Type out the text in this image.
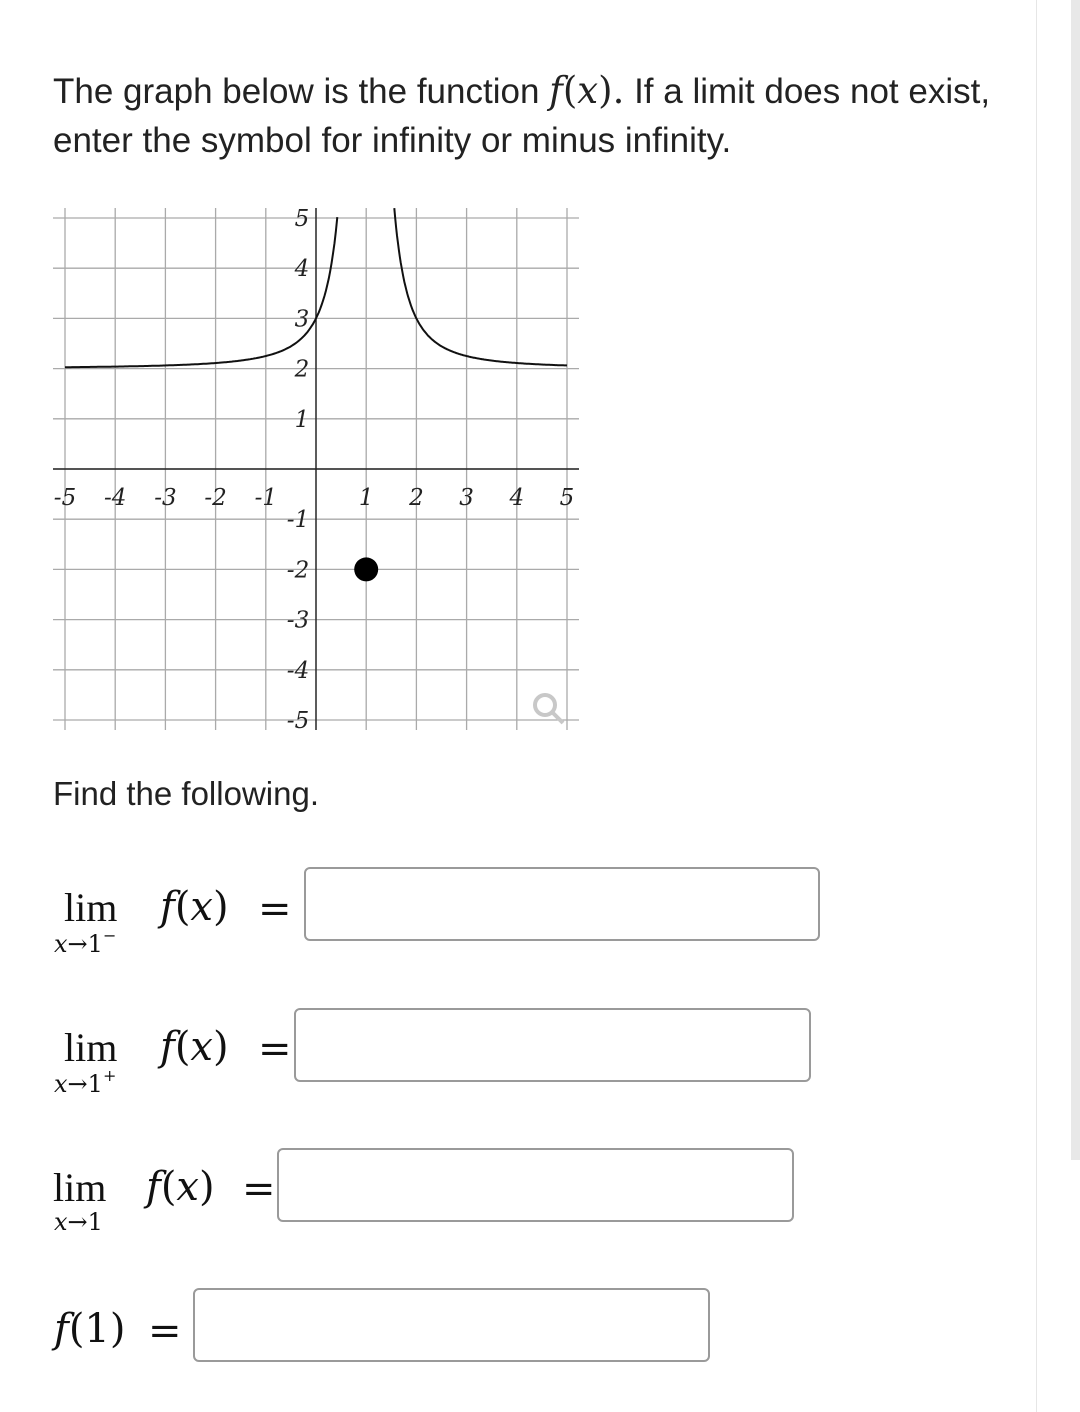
The graph below is the function f(x). If a limit does not exist, enter the symbol for infinity or minus infinity.
-5 -4 -3 -2 -1	1 2 3 4 5
5
4
3
2
1
-1
-2
-3
-4
-5
Find the following.
lim
x→1−
f(x) =
lim
x→1+
f(x) =
lim
x→1
f(x) =
f(1) =
